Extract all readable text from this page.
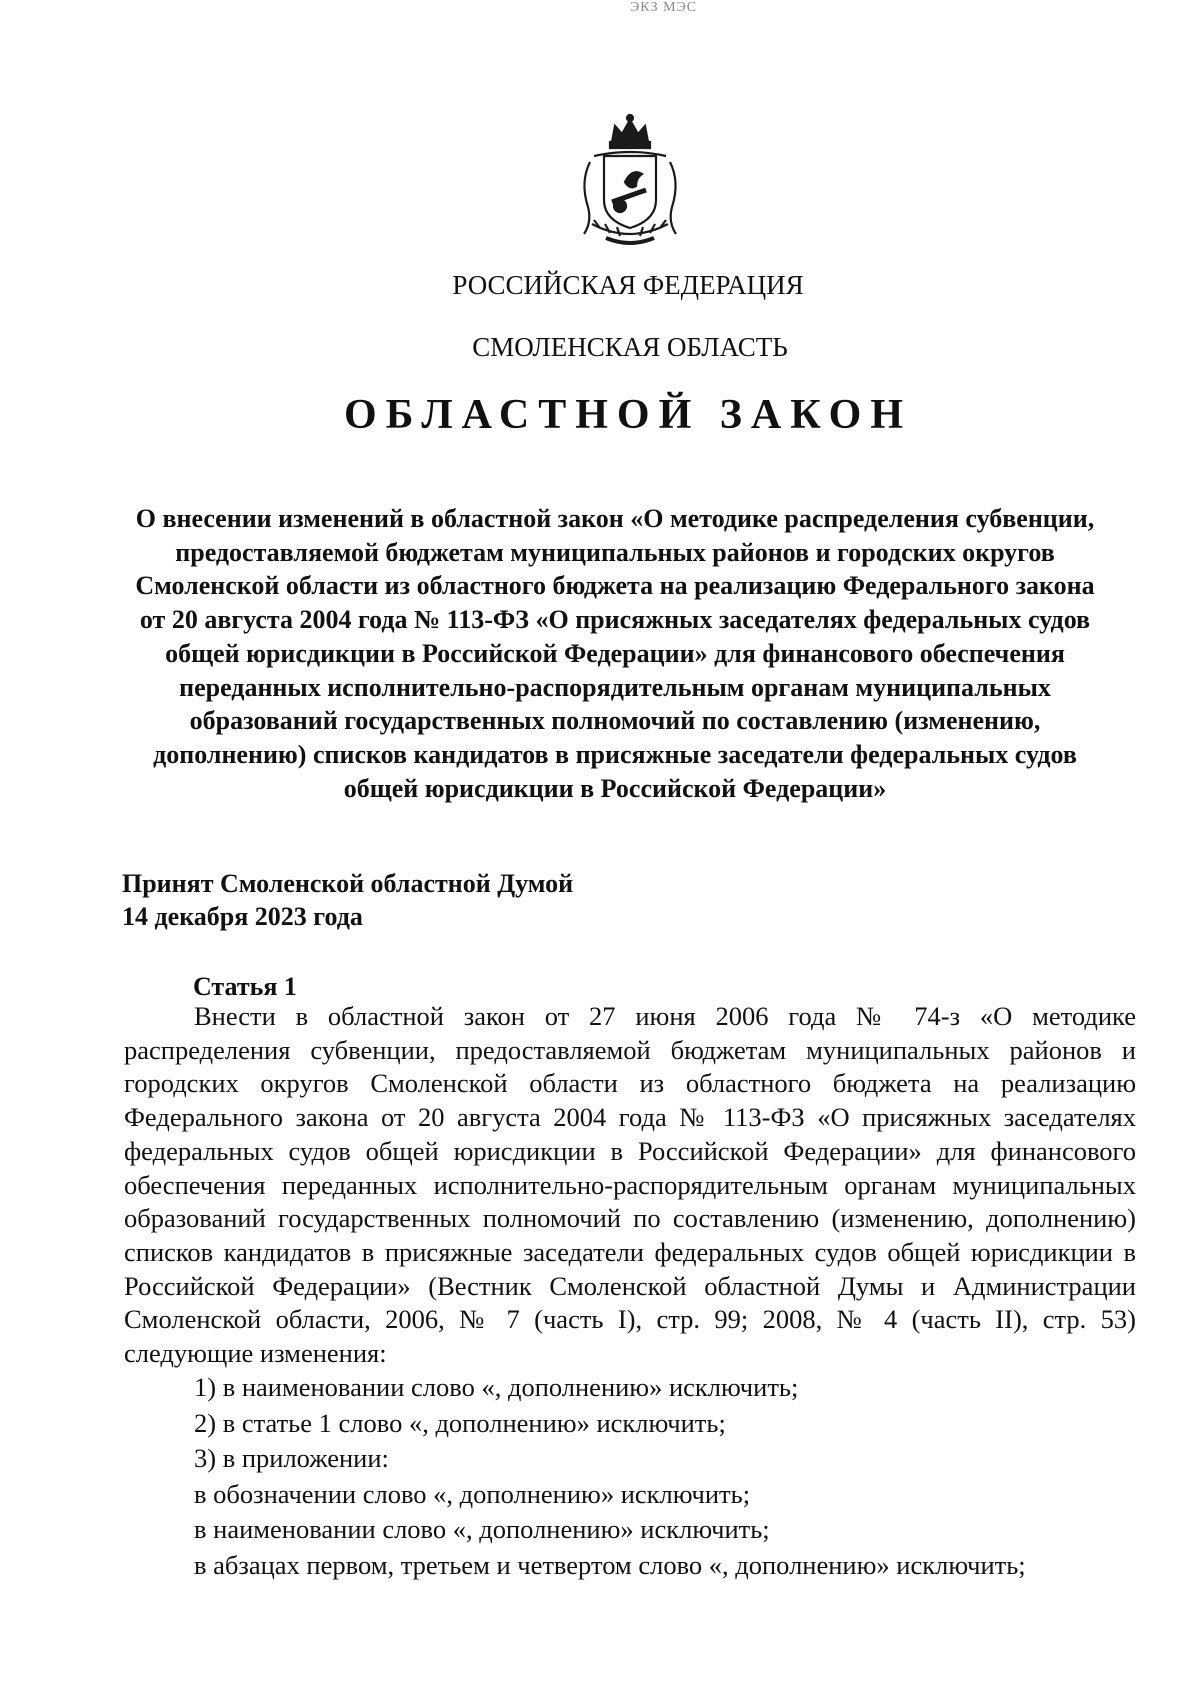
ЭКЗ МЭС
РОССИЙСКАЯ ФЕДЕРАЦИЯ
СМОЛЕНСКАЯ ОБЛАСТЬ
ОБЛАСТНОЙ ЗАКОН
О внесении изменений в областной закон «О методике распределения субвенции, предоставляемой бюджетам муниципальных районов и городских округов Смоленской области из областного бюджета на реализацию Федерального закона от 20 августа 2004 года № 113-ФЗ «О присяжных заседателях федеральных судов общей юрисдикции в Российской Федерации» для финансового обеспечения переданных исполнительно-распорядительным органам муниципальных образований государственных полномочий по составлению (изменению, дополнению) списков кандидатов в присяжные заседатели федеральных судов общей юрисдикции в Российской Федерации»
Принят Смоленской областной Думой
14 декабря 2023 года
Статья 1

Внести в областной закон от 27 июня 2006 года № 74-з «О методике распределения субвенции, предоставляемой бюджетам муниципальных районов и городских округов Смоленской области из областного бюджета на реализацию Федерального закона от 20 августа 2004 года № 113-ФЗ «О присяжных заседателях федеральных судов общей юрисдикции в Российской Федерации» для финансового обеспечения переданных исполнительно-распорядительным органам муниципальных образований государственных полномочий по составлению (изменению, дополнению) списков кандидатов в присяжные заседатели федеральных судов общей юрисдикции в Российской Федерации» (Вестник Смоленской областной Думы и Администрации Смоленской области, 2006, № 7 (часть I), стр. 99; 2008, № 4 (часть II), стр. 53) следующие изменения:

1) в наименовании слово «, дополнению» исключить;
2) в статье 1 слово «, дополнению» исключить;
3) в приложении:
в обозначении слово «, дополнению» исключить;
в наименовании слово «, дополнению» исключить;
в абзацах первом, третьем и четвертом слово «, дополнению» исключить;
